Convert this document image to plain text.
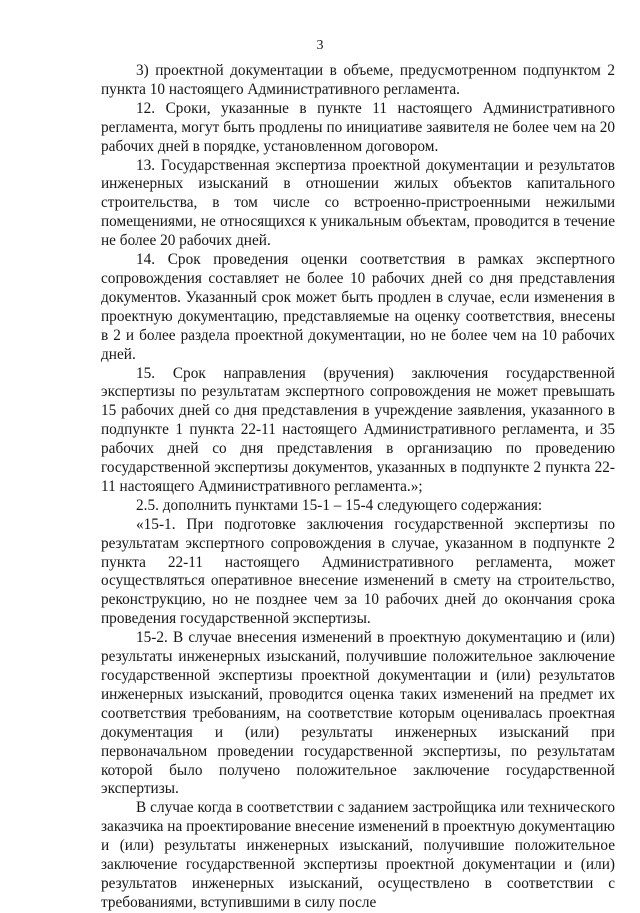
3

3) проектной документации в объеме, предусмотренном подпунктом 2 пункта 10 настоящего Административного регламента.

12. Сроки, указанные в пункте 11 настоящего Административного регламента, могут быть продлены по инициативе заявителя не более чем на 20 рабочих дней в порядке, установленном договором.

13. Государственная экспертиза проектной документации и результатов инженерных изысканий в отношении жилых объектов капитального строительства, в том числе со встроенно-пристроенными нежилыми помещениями, не относящихся к уникальным объектам, проводится в течение не более 20 рабочих дней.

14. Срок проведения оценки соответствия в рамках экспертного сопровождения составляет не более 10 рабочих дней со дня представления документов. Указанный срок может быть продлен в случае, если изменения в проектную документацию, представляемые на оценку соответствия, внесены в 2 и более раздела проектной документации, но не более чем на 10 рабочих дней.

15. Срок направления (вручения) заключения государственной экспертизы по результатам экспертного сопровождения не может превышать 15 рабочих дней со дня представления в учреждение заявления, указанного в подпункте 1 пункта 22-11 настоящего Административного регламента, и 35 рабочих дней со дня представления в организацию по проведению государственной экспертизы документов, указанных в подпункте 2 пункта 22-11 настоящего Административного регламента.»;

2.5. дополнить пунктами 15-1 – 15-4 следующего содержания:

«15-1. При подготовке заключения государственной экспертизы по результатам экспертного сопровождения в случае, указанном в подпункте 2 пункта 22-11 настоящего Административного регламента, может осуществляться оперативное внесение изменений в смету на строительство, реконструкцию, но не позднее чем за 10 рабочих дней до окончания срока проведения государственной экспертизы.

15-2. В случае внесения изменений в проектную документацию и (или) результаты инженерных изысканий, получившие положительное заключение государственной экспертизы проектной документации и (или) результатов инженерных изысканий, проводится оценка таких изменений на предмет их соответствия требованиям, на соответствие которым оценивалась проектная документация и (или) результаты инженерных изысканий при первоначальном проведении государственной экспертизы, по результатам которой было получено положительное заключение государственной экспертизы.

В случае когда в соответствии с заданием застройщика или технического заказчика на проектирование внесение изменений в проектную документацию и (или) результаты инженерных изысканий, получившие положительное заключение государственной экспертизы проектной документации и (или) результатов инженерных изысканий, осуществлено в соответствии с требованиями, вступившими в силу после
